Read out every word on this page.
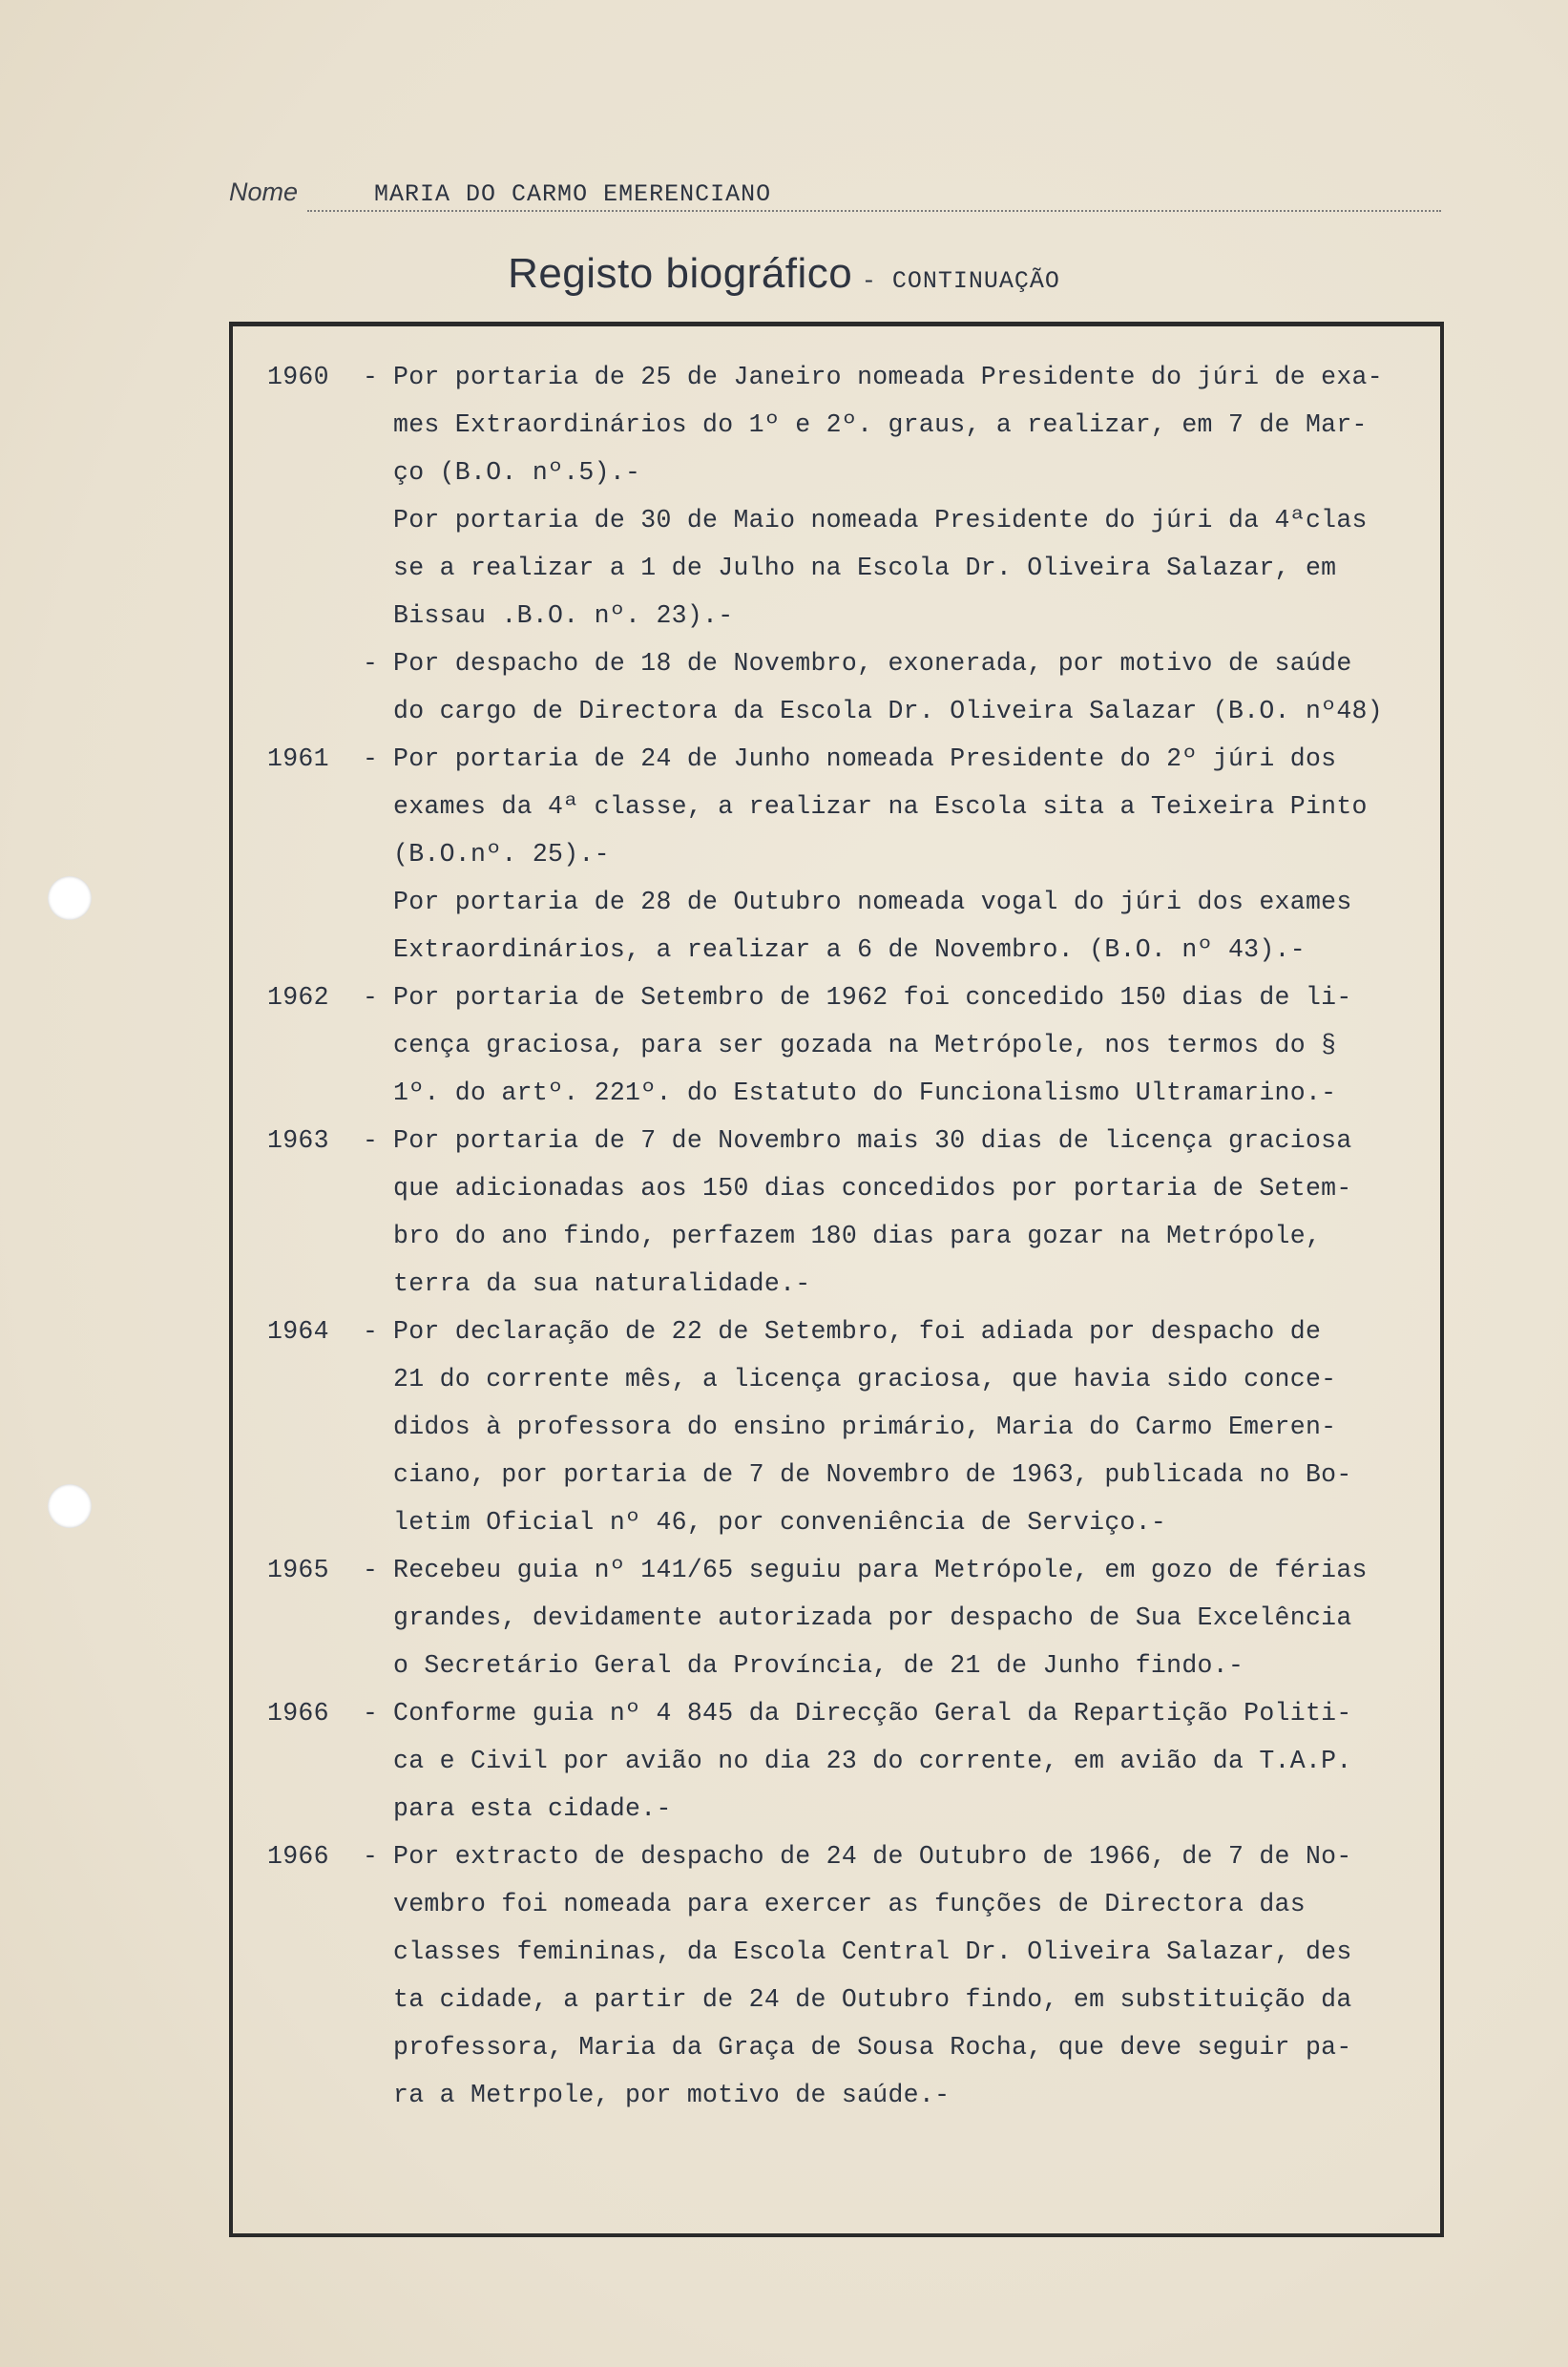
Nome	MARIA DO CARMO EMERENCIANO
Registo biográfico - CONTINUAÇÃO
1960	- Por portaria de 25 de Janeiro nomeada Presidente do júri de exa-
mes Extraordinários do 1º e 2º. graus, a realizar, em 7 de Mar-
ço (B.O. nº.5).-
Por portaria de 30 de Maio nomeada Presidente do júri da 4ªclas
se a realizar a 1 de Julho na Escola Dr. Oliveira Salazar, em
Bissau .B.O. nº. 23).-
- Por despacho de 18 de Novembro, exonerada, por motivo de saúde
do cargo de Directora da Escola Dr. Oliveira Salazar (B.O. nº48)
1961	- Por portaria de 24 de Junho nomeada Presidente do 2º júri dos
exames da 4ª classe, a realizar na Escola sita a Teixeira Pinto
(B.O.nº. 25).-
Por portaria de 28 de Outubro nomeada vogal do júri dos exames
Extraordinários, a realizar a 6 de Novembro. (B.O. nº 43).-
1962	- Por portaria de Setembro de 1962 foi concedido 150 dias de li-
cença graciosa, para ser gozada na Metrópole, nos termos do §
1º. do artº. 221º. do Estatuto do Funcionalismo Ultramarino.-
1963	- Por portaria de 7 de Novembro mais 30 dias de licença graciosa
que adicionadas aos 150 dias concedidos por portaria de Setem-
bro do ano findo, perfazem 180 dias para gozar na Metrópole,
terra da sua naturalidade.-
1964	- Por declaração de 22 de Setembro, foi adiada por despacho de
21 do corrente mês, a licença graciosa, que havia sido conce-
didos à professora do ensino primário, Maria do Carmo Emeren-
ciano, por portaria de 7 de Novembro de 1963, publicada no Bo-
letim Oficial nº 46, por conveniência de Serviço.-
1965	- Recebeu guia nº 141/65 seguiu para Metrópole, em gozo de férias
grandes, devidamente autorizada por despacho de Sua Excelência
o Secretário Geral da Província, de 21 de Junho findo.-
1966	- Conforme guia nº 4 845 da Direcção Geral da Repartição Politi-
ca e Civil por avião no dia 23 do corrente, em avião da T.A.P.
para esta cidade.-
1966	- Por extracto de despacho de 24 de Outubro de 1966, de 7 de No-
vembro foi nomeada para exercer as funções de Directora das
classes femininas, da Escola Central Dr. Oliveira Salazar, des
ta cidade, a partir de 24 de Outubro findo, em substituição da
professora, Maria da Graça de Sousa Rocha, que deve seguir pa-
ra a Metrpole, por motivo de saúde.-
